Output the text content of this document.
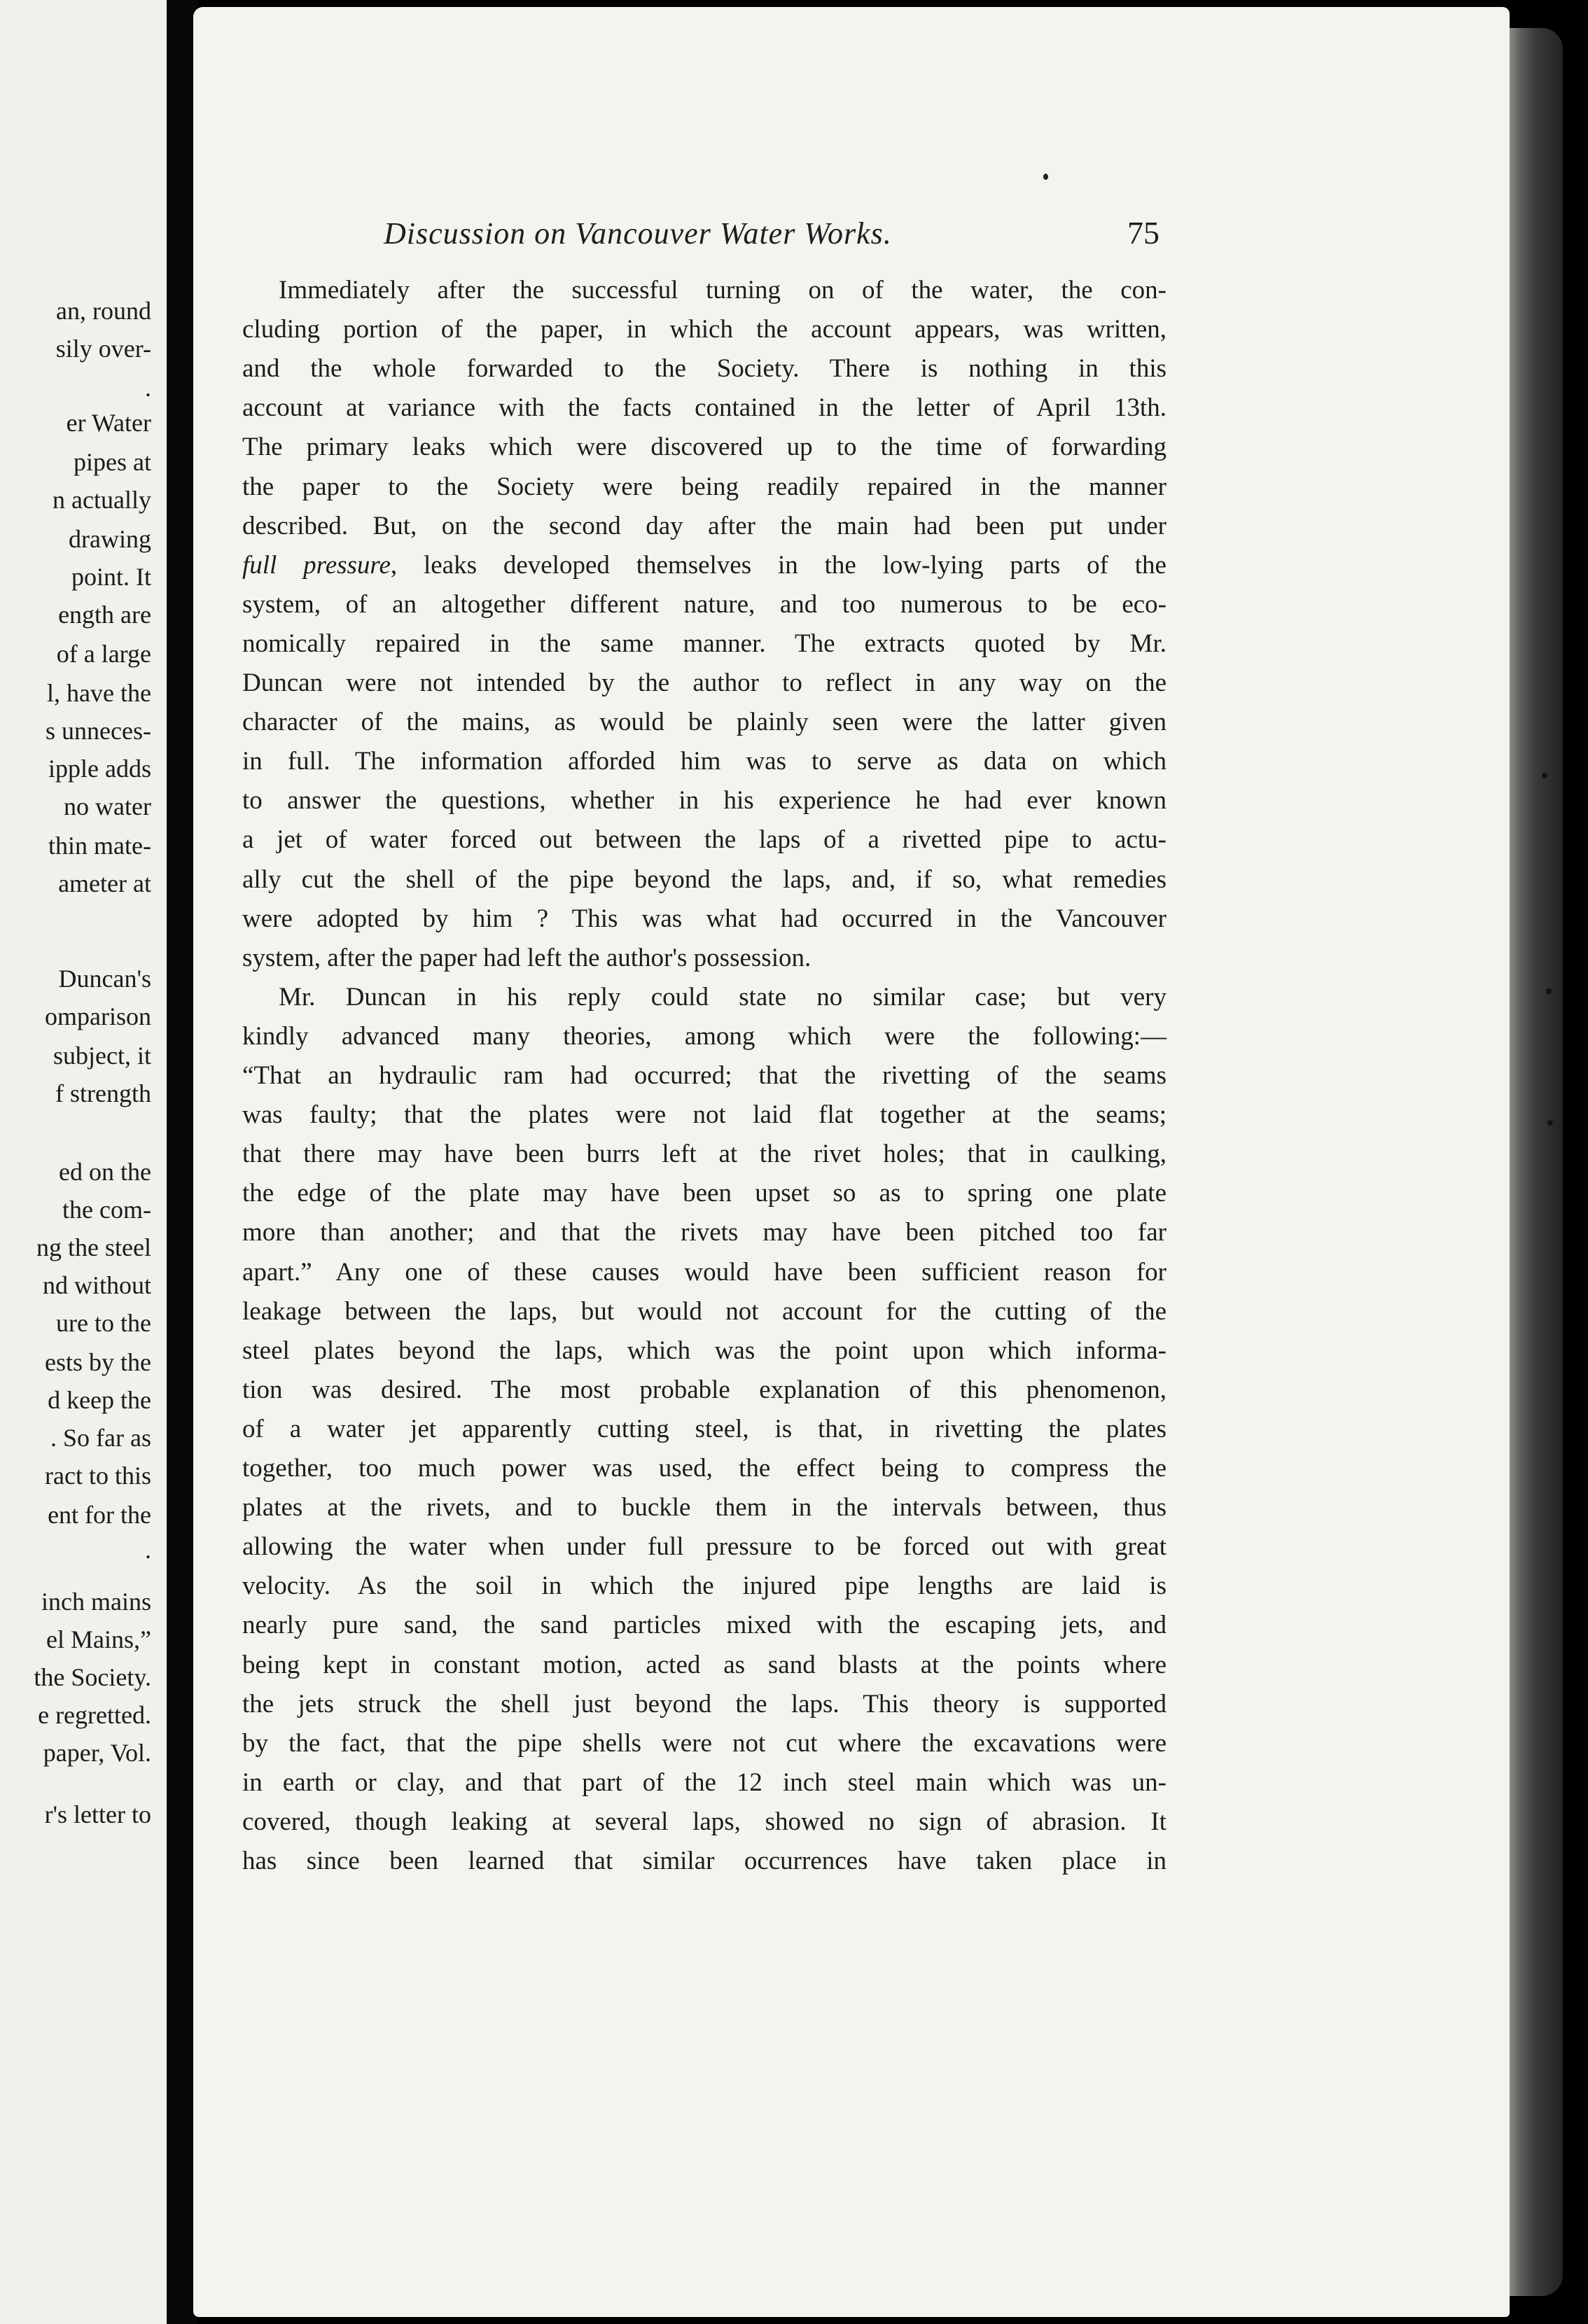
an, round
sily over-
.
er Water
pipes at
n actually
drawing
point. It
ength are
of a large
l, have the
s unneces-
ipple adds
no water
thin mate-
ameter at
Duncan's
omparison
subject, it
f strength
ed on the
the com-
ng the steel
nd without
ure to the
ests by the
d keep the
. So far as
ract to this
ent for the
.
inch mains
el Mains,”
the Society.
e regretted.
paper, Vol.
r's letter to
Discussion on Vancouver Water Works.	75
Immediately after the successful turning on of the water, the con-
cluding portion of the paper, in which the account appears, was written,
and the whole forwarded to the Society. There is nothing in this
account at variance with the facts contained in the letter of April 13th.
The primary leaks which were discovered up to the time of forwarding
the paper to the Society were being readily repaired in the manner
described. But, on the second day after the main had been put under
full pressure, leaks developed themselves in the low-lying parts of the
system, of an altogether different nature, and too numerous to be eco-
nomically repaired in the same manner. The extracts quoted by Mr.
Duncan were not intended by the author to reflect in any way on the
character of the mains, as would be plainly seen were the latter given
in full. The information afforded him was to serve as data on which
to answer the questions, whether in his experience he had ever known
a jet of water forced out between the laps of a rivetted pipe to actu-
ally cut the shell of the pipe beyond the laps, and, if so, what remedies
were adopted by him ? This was what had occurred in the Vancouver
system, after the paper had left the author's possession.
Mr. Duncan in his reply could state no similar case; but very
kindly advanced many theories, among which were the following:—
“That an hydraulic ram had occurred; that the rivetting of the seams
was faulty; that the plates were not laid flat together at the seams;
that there may have been burrs left at the rivet holes; that in caulking,
the edge of the plate may have been upset so as to spring one plate
more than another; and that the rivets may have been pitched too far
apart.” Any one of these causes would have been sufficient reason for
leakage between the laps, but would not account for the cutting of the
steel plates beyond the laps, which was the point upon which informa-
tion was desired. The most probable explanation of this phenomenon,
of a water jet apparently cutting steel, is that, in rivetting the plates
together, too much power was used, the effect being to compress the
plates at the rivets, and to buckle them in the intervals between, thus
allowing the water when under full pressure to be forced out with great
velocity. As the soil in which the injured pipe lengths are laid is
nearly pure sand, the sand particles mixed with the escaping jets, and
being kept in constant motion, acted as sand blasts at the points where
the jets struck the shell just beyond the laps. This theory is supported
by the fact, that the pipe shells were not cut where the excavations were
in earth or clay, and that part of the 12 inch steel main which was un-
covered, though leaking at several laps, showed no sign of abrasion. It
has since been learned that similar occurrences have taken place in
